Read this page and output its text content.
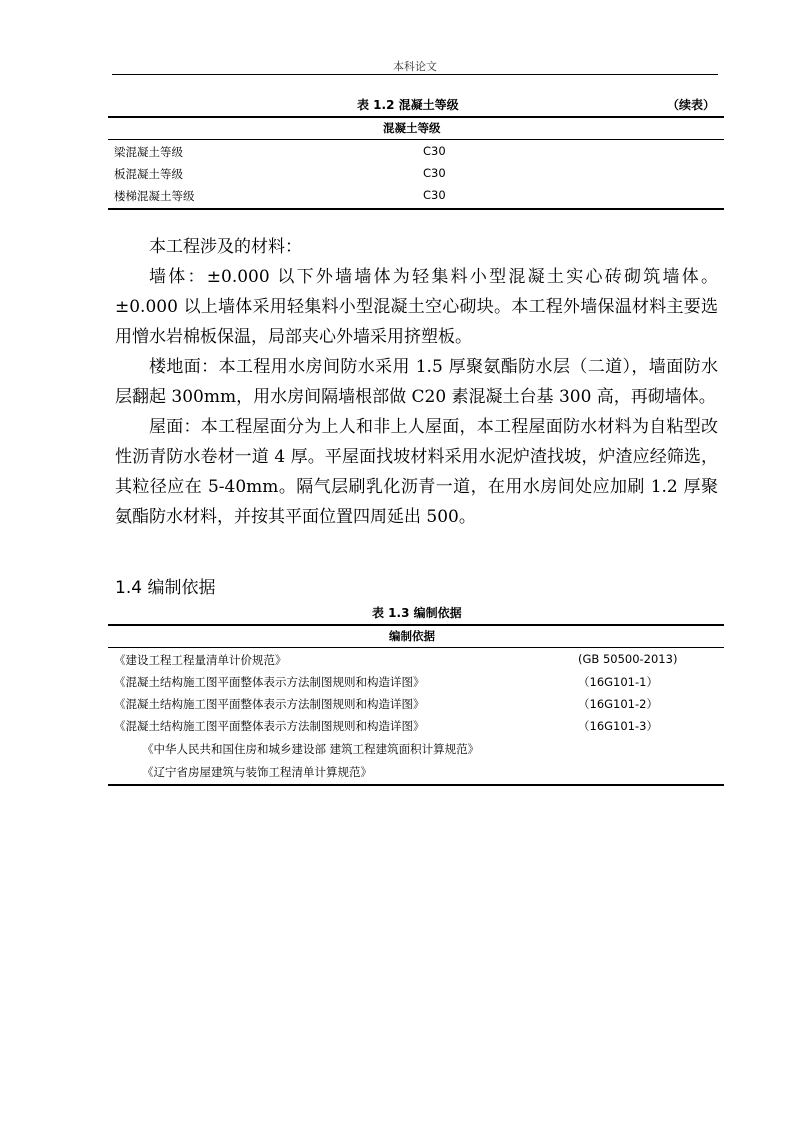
本科论文
表 1.2 混凝土等级	（续表）
混凝土等级
梁混凝土等级	C30
板混凝土等级	C30
楼梯混凝土等级	C30

本工程涉及的材料：

墙体：±0.000 以下外墙墙体为轻集料小型混凝土实心砖砌筑墙体。±0.000 以上墙体采用轻集料小型混凝土空心砌块。本工程外墙保温材料主要选用憎水岩棉板保温，局部夹心外墙采用挤塑板。

楼地面：本工程用水房间防水采用 1.5 厚聚氨酯防水层（二道），墙面防水层翻起 300mm，用水房间隔墙根部做 C20 素混凝土台基 300 高，再砌墙体。

屋面：本工程屋面分为上人和非上人屋面，本工程屋面防水材料为自粘型改性沥青防水卷材一道 4 厚。平屋面找坡材料采用水泥炉渣找坡，炉渣应经筛选，其粒径应在 5-40mm。隔气层刷乳化沥青一道，在用水房间处应加刷 1.2 厚聚氨酯防水材料，并按其平面位置四周延出 500。

1.4 编制依据
表 1.3 编制依据
编制依据
《建设工程工程量清单计价规范》	(GB 50500-2013)
《混凝土结构施工图平面整体表示方法制图规则和构造详图》	（16G101-1）
《混凝土结构施工图平面整体表示方法制图规则和构造详图》	（16G101-2）
《混凝土结构施工图平面整体表示方法制图规则和构造详图》	（16G101-3）
《中华人民共和国住房和城乡建设部 建筑工程建筑面积计算规范》
《辽宁省房屋建筑与装饰工程清单计算规范》
